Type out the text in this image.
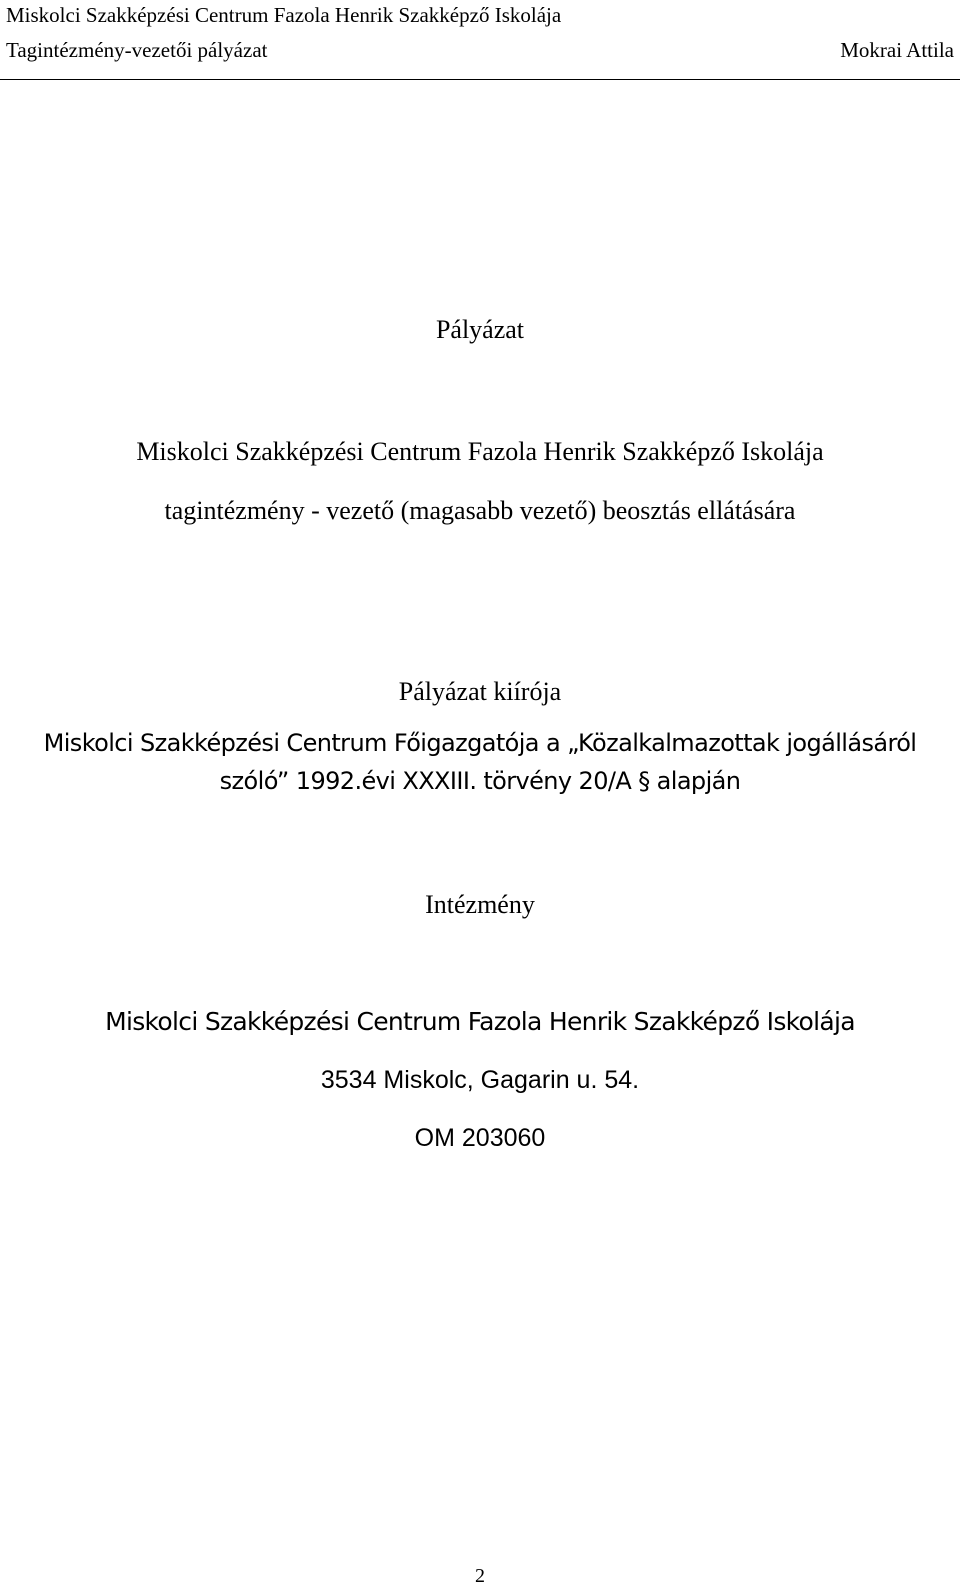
Miskolci Szakképzési Centrum Fazola Henrik Szakképző Iskolája
Tagintézmény-vezetői pályázat	Mokrai Attila
Pályázat
Miskolci Szakképzési Centrum Fazola Henrik Szakképző Iskolája
tagintézmény - vezető (magasabb vezető) beosztás ellátására
Pályázat kiírója
Miskolci Szakképzési Centrum Főigazgatója a „Közalkalmazottak jogállásáról
szóló” 1992.évi XXXIII. törvény 20/A § alapján
Intézmény
Miskolci Szakképzési Centrum Fazola Henrik Szakképző Iskolája
3534 Miskolc, Gagarin u. 54.
OM 203060
2
